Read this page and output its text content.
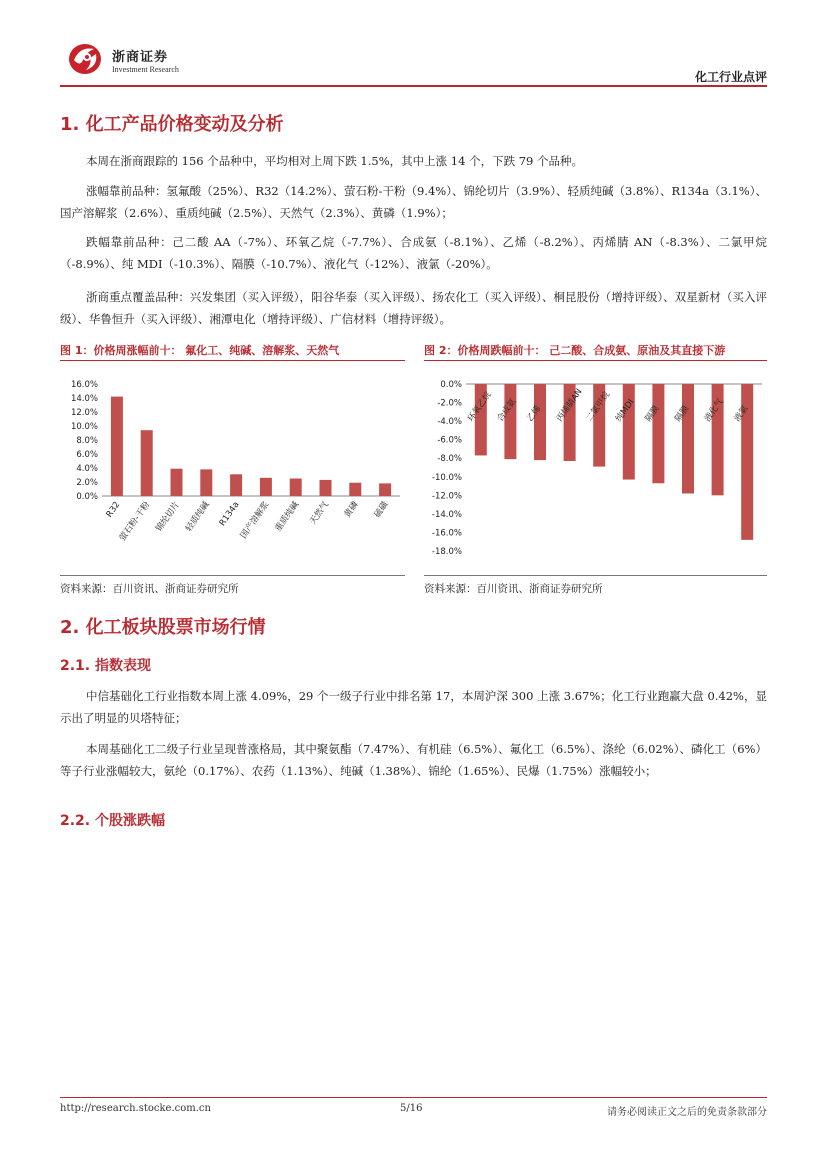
浙商证券
Investment Research
化工行业点评
1. 化工产品价格变动及分析
本周在浙商跟踪的 156 个品种中，平均相对上周下跌 1.5%，其中上涨 14 个，下跌 79 个品种。
涨幅靠前品种：氢氟酸（25%）、R32（14.2%）、萤石粉-干粉（9.4%）、锦纶切片（3.9%）、轻质纯碱（3.8%）、R134a（3.1%）、国产溶解浆（2.6%）、重质纯碱（2.5%）、天然气（2.3%）、黄磷（1.9%）；
跌幅靠前品种：己二酸 AA（-7%）、环氧乙烷（-7.7%）、合成氨（-8.1%）、乙烯（-8.2%）、丙烯腈 AN（-8.3%）、二氯甲烷（-8.9%）、纯 MDI（-10.3%）、隔膜（-10.7%）、液化气（-12%）、液氯（-20%）。
浙商重点覆盖品种：兴发集团（买入评级），阳谷华泰（买入评级）、扬农化工（买入评级）、桐昆股份（增持评级）、双星新材（买入评级）、华鲁恒升（买入评级）、湘潭电化（增持评级）、广信材料（增持评级）。
图 1：价格周涨幅前十： 氟化工、纯碱、溶解浆、天然气
0.0%
2.0%
4.0%
6.0%
8.0%
10.0%
12.0%
14.0%
16.0%
R32
萤石粉-干粉 锦纶切片 轻质纯碱 R134a
国产溶解浆 重质纯碱 天然气 黄磷 硫磺
资料来源：百川资讯、浙商证券研究所
图 2：价格周跌幅前十： 己二酸、合成氨、原油及其直接下游
0.0%
-2.0%
-4.0%
-6.0%
-8.0%
-10.0%
-12.0%
-14.0%
-16.0%
-18.0%
环氧乙烷 合成氨 乙烯 丙烯腈AN 二氯甲烷 纯MDI 隔膜 隔膜 液化气 液氯
资料来源：百川资讯、浙商证券研究所
2. 化工板块股票市场行情
2.1. 指数表现
中信基础化工行业指数本周上涨 4.09%，29 个一级子行业中排名第 17，本周沪深 300 上涨 3.67%；化工行业跑赢大盘 0.42%，显示出了明显的贝塔特征；
本周基础化工二级子行业呈现普涨格局，其中聚氨酯（7.47%）、有机硅（6.5%）、氟化工（6.5%）、涤纶（6.02%）、磷化工（6%）等子行业涨幅较大，氨纶（0.17%）、农药（1.13%）、纯碱（1.38%）、锦纶（1.65%）、民爆（1.75%）涨幅较小；
2.2. 个股涨跌幅
http://research.stocke.com.cn	5/16	请务必阅读正文之后的免责条款部分
